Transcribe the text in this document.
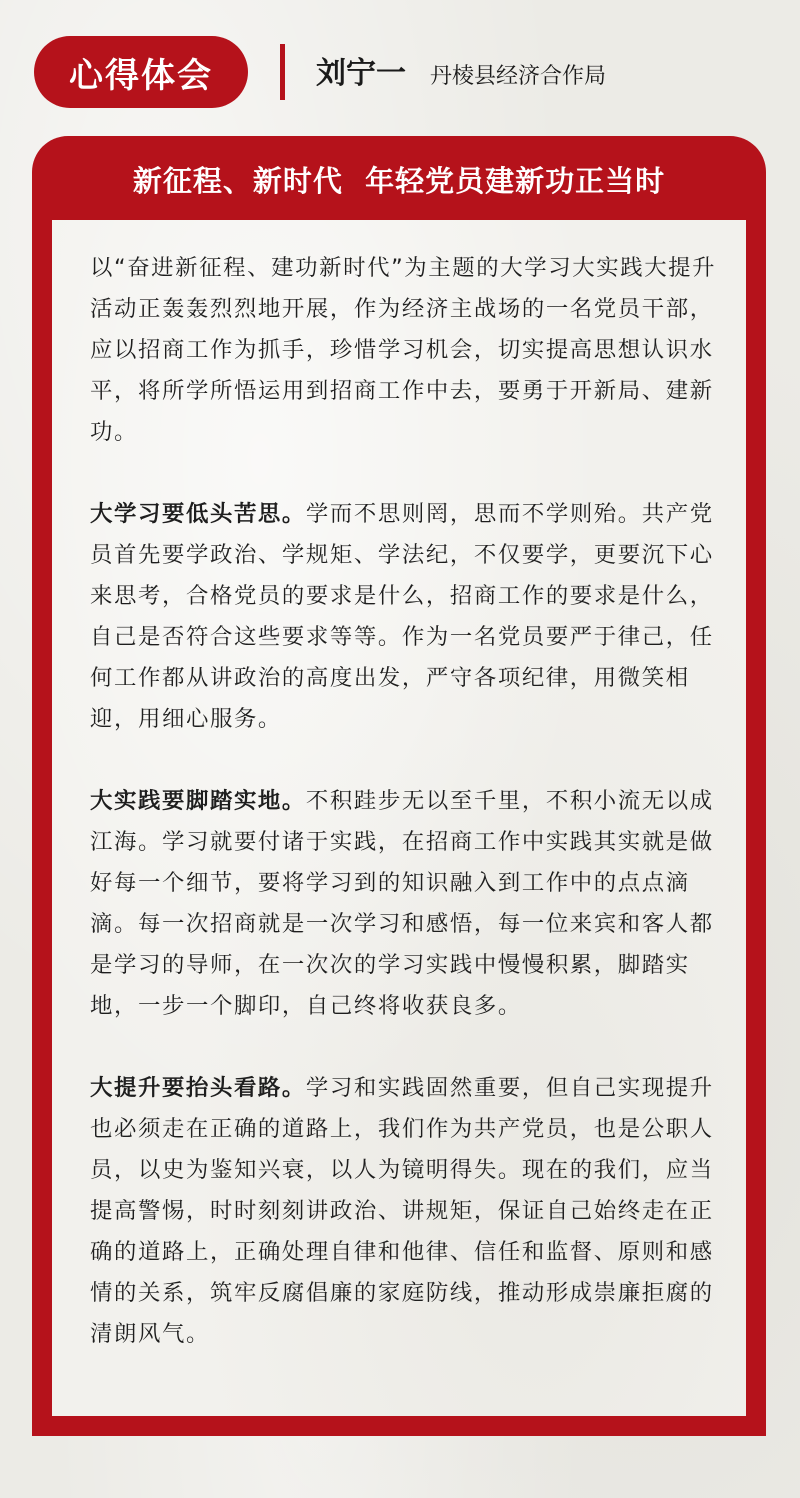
心得体会	刘宁一 丹棱县经济合作局
新征程、新时代  年轻党员建新功正当时

以“奋进新征程、建功新时代”为主题的大学习大实践大提升活动正轰轰烈烈地开展，作为经济主战场的一名党员干部，应以招商工作为抓手，珍惜学习机会，切实提高思想认识水平，将所学所悟运用到招商工作中去，要勇于开新局、建新功。

大学习要低头苦思。学而不思则罔，思而不学则殆。共产党员首先要学政治、学规矩、学法纪，不仅要学，更要沉下心来思考，合格党员的要求是什么，招商工作的要求是什么，自己是否符合这些要求等等。作为一名党员要严于律己，任何工作都从讲政治的高度出发，严守各项纪律，用微笑相迎，用细心服务。

大实践要脚踏实地。不积跬步无以至千里，不积小流无以成江海。学习就要付诸于实践，在招商工作中实践其实就是做好每一个细节，要将学习到的知识融入到工作中的点点滴滴。每一次招商就是一次学习和感悟，每一位来宾和客人都是学习的导师，在一次次的学习实践中慢慢积累，脚踏实地，一步一个脚印，自己终将收获良多。

大提升要抬头看路。学习和实践固然重要，但自己实现提升也必须走在正确的道路上，我们作为共产党员，也是公职人员，以史为鉴知兴衰，以人为镜明得失。现在的我们，应当提高警惕，时时刻刻讲政治、讲规矩，保证自己始终走在正确的道路上，正确处理自律和他律、信任和监督、原则和感情的关系，筑牢反腐倡廉的家庭防线，推动形成崇廉拒腐的清朗风气。
